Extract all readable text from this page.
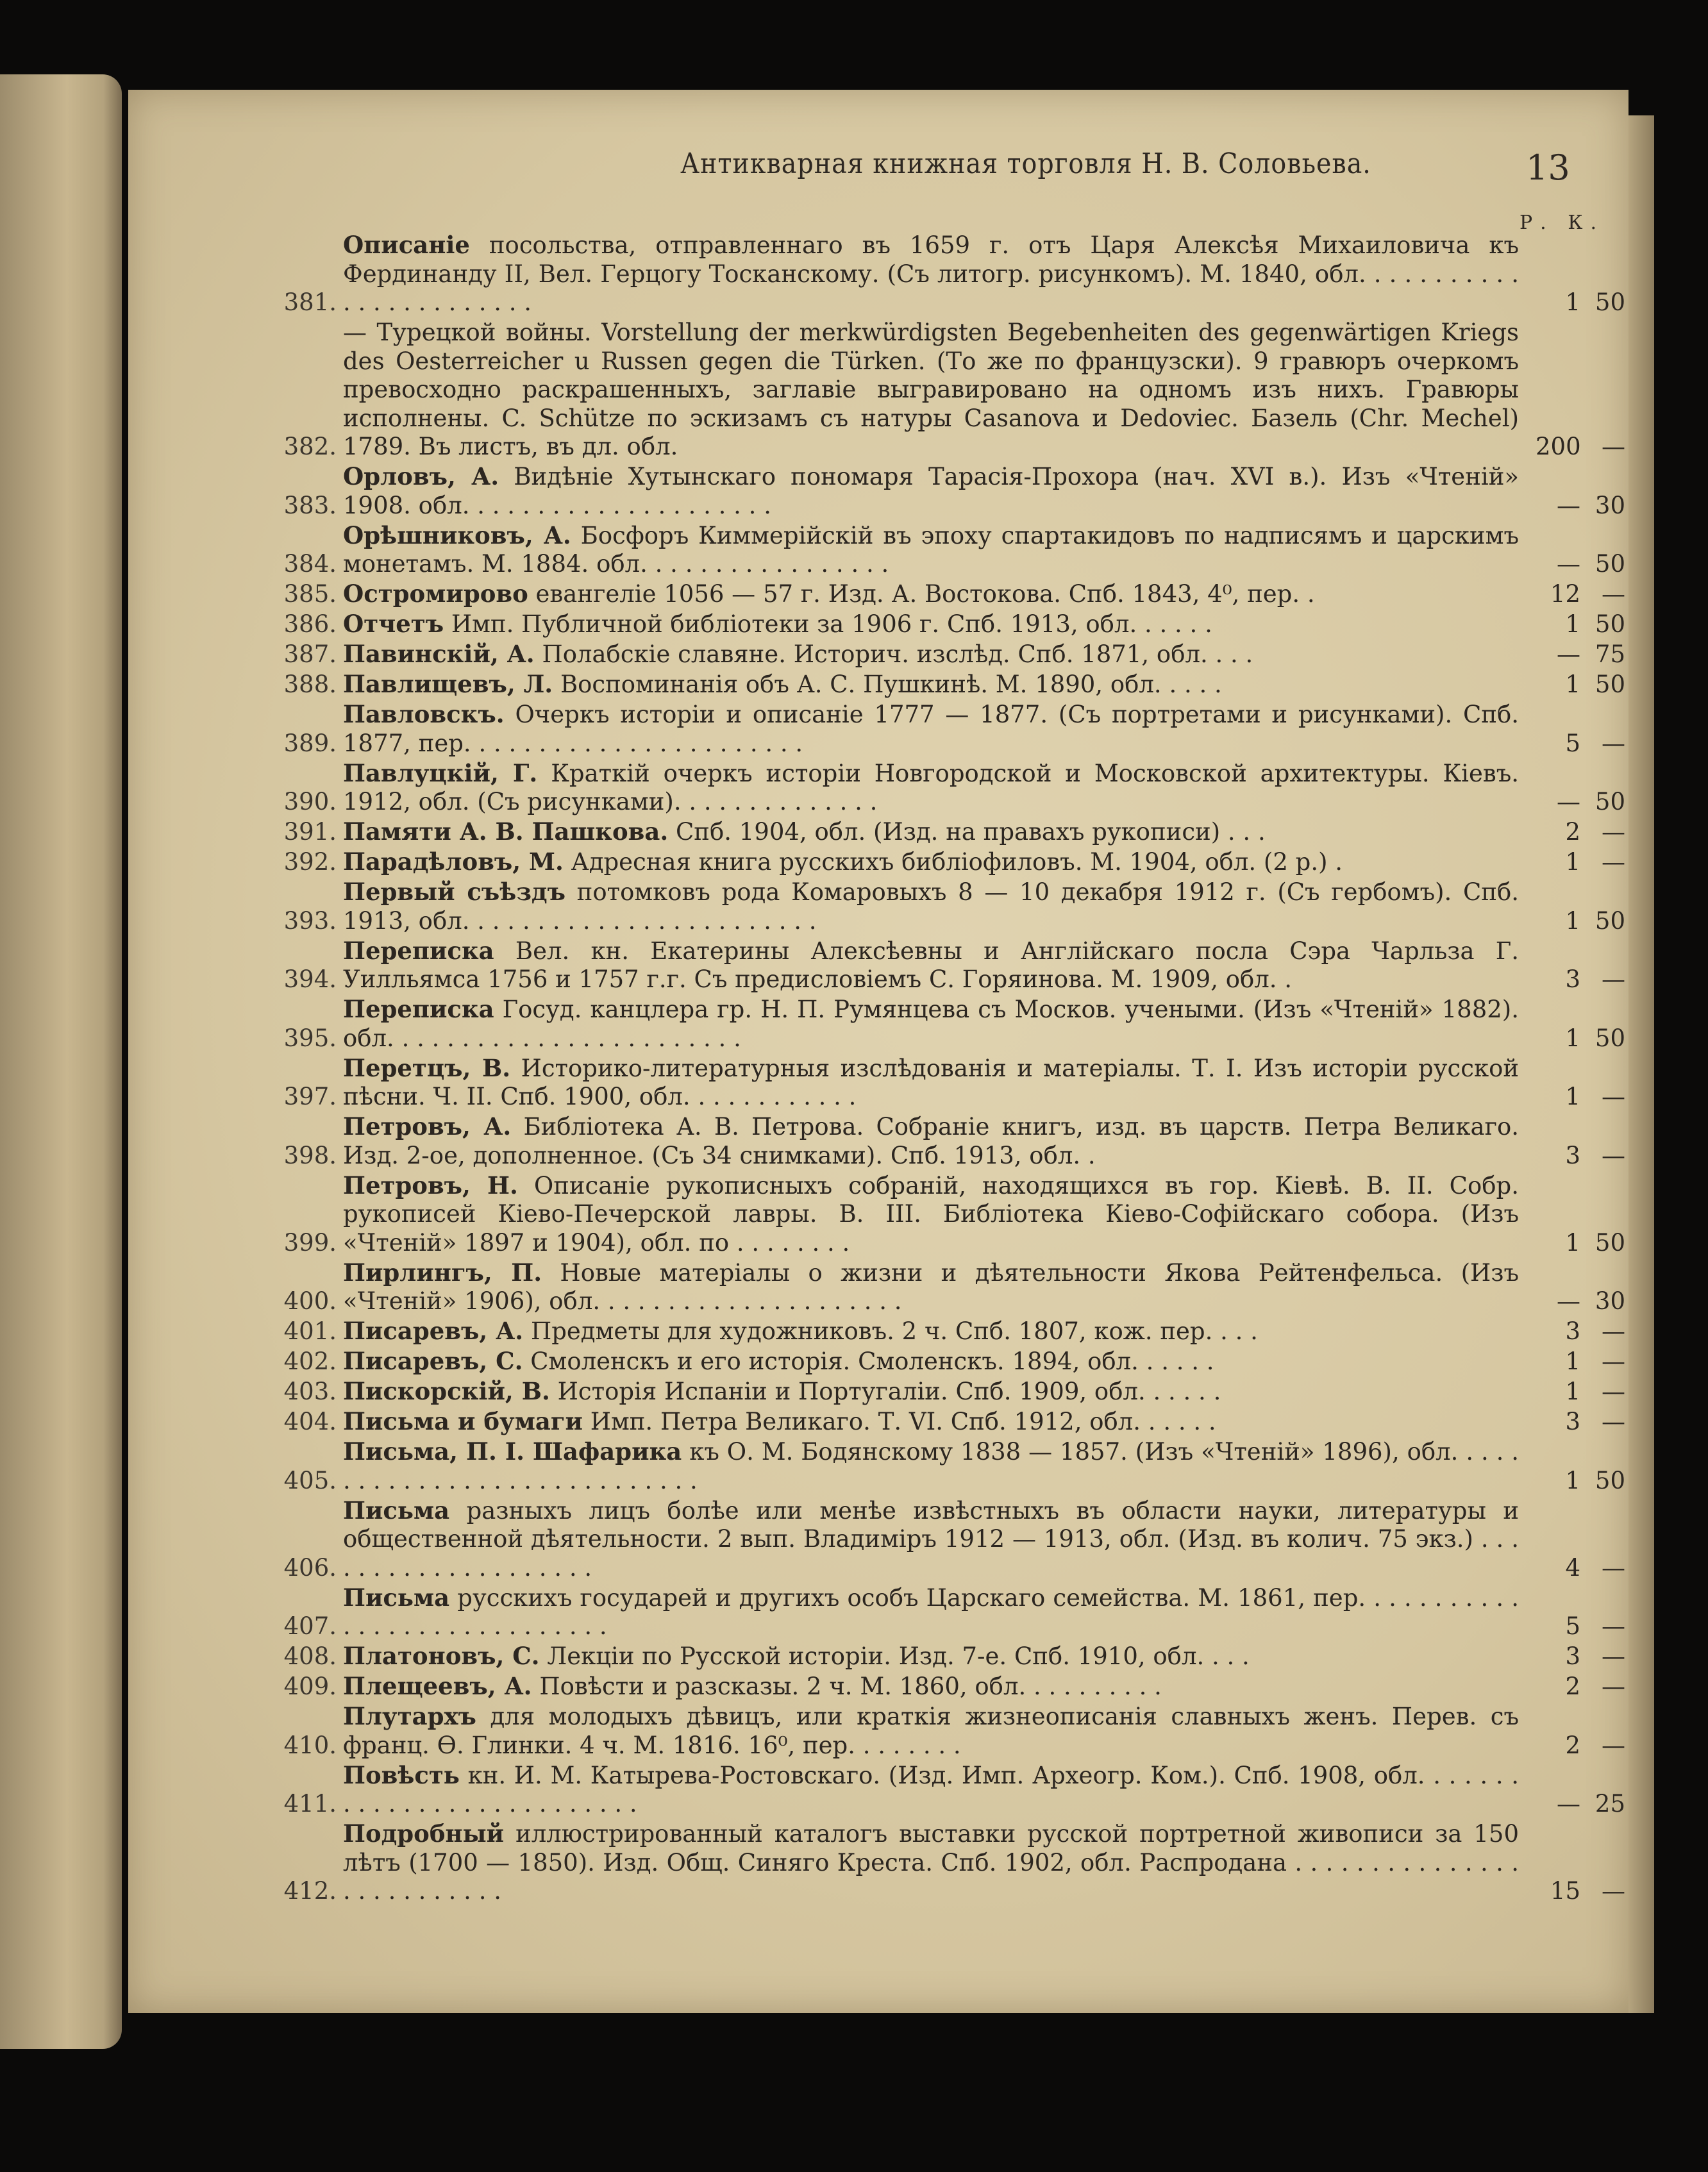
Антикварная книжная торговля Н. В. Соловьева.	13
Р. К.
381.
Описаніе посольства, отправленнаго въ 1659 г. отъ Царя Алексѣя Михаиловича къ Фердинанду II, Вел. Герцогу Тосканскому. (Съ литогр. рисункомъ). М. 1840, обл. . . . . . . . . . . . . . . . . . . . . . . .	1 50
382.
— Турецкой войны. Vorstellung der merkwürdigsten Begebenheiten des gegenwärtigen Kriegs des Oesterreicher u Russen gegen die Türken. (То же по французски). 9 гравюръ очеркомъ превосходно раскрашенныхъ, заглавіе выгравировано на одномъ изъ нихъ. Гравюры исполнены. C. Schütze по эскизамъ съ натуры Casanova и Dedoviec. Базель (Chr. Mechel) 1789. Въ листъ, въ дл. обл.	200 —
383.
Орловъ, А. Видѣніе Хутынскаго пономаря Тарасія-Прохора (нач. XVI в.). Изъ «Чтеній» 1908. обл. . . . . . . . . . . . . . . . . . . . .	— 30
384.
Орѣшниковъ, А. Босфоръ Киммерійскій въ эпоху спартакидовъ по надписямъ и царскимъ монетамъ. М. 1884. обл. . . . . . . . . . . . . . . . .	— 50
385. Остромирово евангеліе 1056 — 57 г. Изд. А. Востокова. Спб. 1843, 4⁰, пер. .	12 —
386. Отчетъ Имп. Публичной библіотеки за 1906 г. Спб. 1913, обл. . . . . .	1 50
387. Павинскій, А. Полабскіе славяне. Историч. изслѣд. Спб. 1871, обл. . . .	— 75
388. Павлищевъ, Л. Воспоминанія объ А. С. Пушкинѣ. М. 1890, обл. . . . .	1 50
389.
Павловскъ. Очеркъ исторіи и описаніе 1777 — 1877. (Съ портретами и рисунками). Спб. 1877, пер. . . . . . . . . . . . . . . . . . . . . . .	5 —
390.
Павлуцкій, Г. Краткій очеркъ исторіи Новгородской и Московской архитектуры. Кіевъ. 1912, обл. (Съ рисунками). . . . . . . . . . . . . .	— 50
391. Памяти А. В. Пашкова. Спб. 1904, обл. (Изд. на правахъ рукописи) . . .	2 —
392. Парадѣловъ, М. Адресная книга русскихъ библіофиловъ. М. 1904, обл. (2 р.) .	1 —
393.
Первый съѣздъ потомковъ рода Комаровыхъ 8 — 10 декабря 1912 г. (Съ гербомъ). Спб. 1913, обл. . . . . . . . . . . . . . . . . . . . . . . .	1 50
394.
Переписка Вел. кн. Екатерины Алексѣевны и Англійскаго посла Сэра Чарльза Г. Уилльямса 1756 и 1757 г.г. Съ предисловіемъ С. Горяинова. М. 1909, обл. .	3 —
395.
Переписка Госуд. канцлера гр. Н. П. Румянцева съ Москов. учеными. (Изъ «Чтеній» 1882). обл. . . . . . . . . . . . . . . . . . . . . . . .	1 50
397.
Перетцъ, В. Историко-литературныя изслѣдованія и матеріалы. Т. I. Изъ исторіи русской пѣсни. Ч. II. Спб. 1900, обл. . . . . . . . . . . .	1 —
398.
Петровъ, А. Библіотека А. В. Петрова. Собраніе книгъ, изд. въ царств. Петра Великаго. Изд. 2-ое, дополненное. (Съ 34 снимками). Спб. 1913, обл. .	3 —
399.
Петровъ, Н. Описаніе рукописныхъ собраній, находящихся въ гор. Кіевѣ. В. II. Собр. рукописей Кіево-Печерской лавры. В. III. Библіотека Кіево-Софійскаго собора. (Изъ «Чтеній» 1897 и 1904), обл. по . . . . . . . .	1 50
400.
Пирлингъ, П. Новые матеріалы о жизни и дѣятельности Якова Рейтенфельса. (Изъ «Чтеній» 1906), обл. . . . . . . . . . . . . . . . . . . . .	— 30
401. Писаревъ, А. Предметы для художниковъ. 2 ч. Спб. 1807, кож. пер. . . .	3 —
402. Писаревъ, С. Смоленскъ и его исторія. Смоленскъ. 1894, обл. . . . . .	1 —
403. Пискорскій, В. Исторія Испаніи и Португаліи. Спб. 1909, обл. . . . . .	1 —
404. Письма и бумаги Имп. Петра Великаго. Т. VI. Спб. 1912, обл. . . . . .	3 —
405.
Письма, П. I. Шафарика къ О. М. Бодянскому 1838 — 1857. (Изъ «Чтеній» 1896), обл. . . . . . . . . . . . . . . . . . . . . . . . . . . . .	1 50
406.
Письма разныхъ лицъ болѣе или менѣе извѣстныхъ въ области науки, литературы и общественной дѣятельности. 2 вып. Владиміръ 1912 — 1913, обл. (Изд. въ колич. 75 экз.) . . . . . . . . . . . . . . . . . . . .	4 —
407.
Письма русскихъ государей и другихъ особъ Царскаго семейства. М. 1861, пер. . . . . . . . . . . . . . . . . . . . . . . . . . . . .	5 —
408. Платоновъ, С. Лекціи по Русской исторіи. Изд. 7-е. Спб. 1910, обл. . . .	3 —
409. Плещеевъ, А. Повѣсти и разсказы. 2 ч. М. 1860, обл. . . . . . . . . .	2 —
410.
Плутархъ для молодыхъ дѣвицъ, или краткія жизнеописанія славныхъ женъ. Перев. съ франц. Ѳ. Глинки. 4 ч. М. 1816. 16⁰, пер. . . . . . . .	2 —
411.
Повѣсть кн. И. М. Катырева-Ростовскаго. (Изд. Имп. Археогр. Ком.). Спб. 1908, обл. . . . . . . . . . . . . . . . . . . . . . . . . . .	— 25
412.
Подробный иллюстрированный каталогъ выставки русской портретной живописи за 150 лѣтъ (1700 — 1850). Изд. Общ. Синяго Креста. Спб. 1902, обл. Распродана . . . . . . . . . . . . . . . . . . . . . . . . . .	15 —
